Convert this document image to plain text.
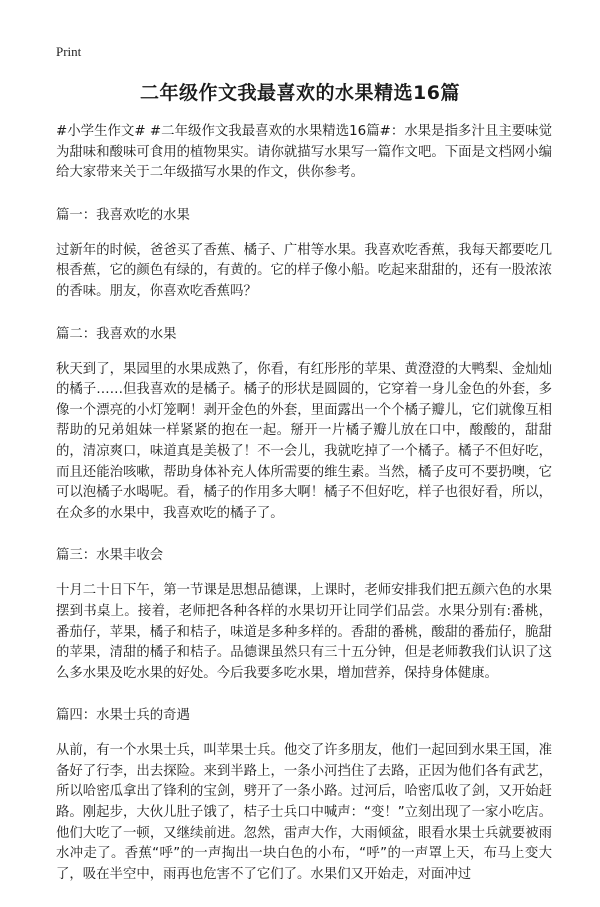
Print

二年级作文我最喜欢的水果精选16篇

#小学生作文# #二年级作文我最喜欢的水果精选16篇#：水果是指多汁且主要味觉为甜味和酸味可食用的植物果实。请你就描写水果写一篇作文吧。下面是文档网小编给大家带来关于二年级描写水果的作文，供你参考。

篇一：我喜欢吃的水果

过新年的时候，爸爸买了香蕉、橘子、广柑等水果。我喜欢吃香蕉，我每天都要吃几根香蕉，它的颜色有绿的，有黄的。它的样子像小船。吃起来甜甜的，还有一股浓浓的香味。朋友，你喜欢吃香蕉吗？

篇二：我喜欢的水果

秋天到了，果园里的水果成熟了，你看，有红彤彤的苹果、黄澄澄的大鸭梨、金灿灿的橘子……但我喜欢的是橘子。橘子的形状是圆圆的，它穿着一身儿金色的外套，多像一个漂亮的小灯笼啊！剥开金色的外套，里面露出一个个橘子瓣儿，它们就像互相帮助的兄弟姐妹一样紧紧的抱在一起。掰开一片橘子瓣儿放在口中，酸酸的，甜甜的，清凉爽口，味道真是美极了！不一会儿，我就吃掉了一个橘子。橘子不但好吃，而且还能治咳嗽，帮助身体补充人体所需要的维生素。当然，橘子皮可不要扔噢，它可以泡橘子水喝呢。看，橘子的作用多大啊！橘子不但好吃，样子也很好看，所以，在众多的水果中，我喜欢吃的橘子了。

篇三：水果丰收会

十月二十日下午，第一节课是思想品德课，上课时，老师安排我们把五颜六色的水果摆到书桌上。接着，老师把各种各样的水果切开让同学们品尝。水果分别有:番桃，番茄仔，苹果，橘子和桔子，味道是多种多样的。香甜的番桃，酸甜的番茄仔，脆甜的苹果，清甜的橘子和桔子。品德课虽然只有三十五分钟，但是老师教我们认识了这么多水果及吃水果的好处。今后我要多吃水果，增加营养，保持身体健康。

篇四：水果士兵的奇遇

从前，有一个水果士兵，叫苹果士兵。他交了许多朋友，他们一起回到水果王国，准备好了行李，出去探险。来到半路上，一条小河挡住了去路，正因为他们各有武艺，所以哈密瓜拿出了锋利的宝剑，劈开了一条小路。过河后，哈密瓜收了剑，又开始赶路。刚起步，大伙儿肚子饿了，桔子士兵口中喊声：“变！”立刻出现了一家小吃店。他们大吃了一顿，又继续前进。忽然，雷声大作，大雨倾盆，眼看水果士兵就要被雨水冲走了。香蕉“呼”的一声掏出一块白色的小布，“呼”的一声罩上天，布马上变大了，吸在半空中，雨再也危害不了它们了。水果们又开始走，对面冲过
